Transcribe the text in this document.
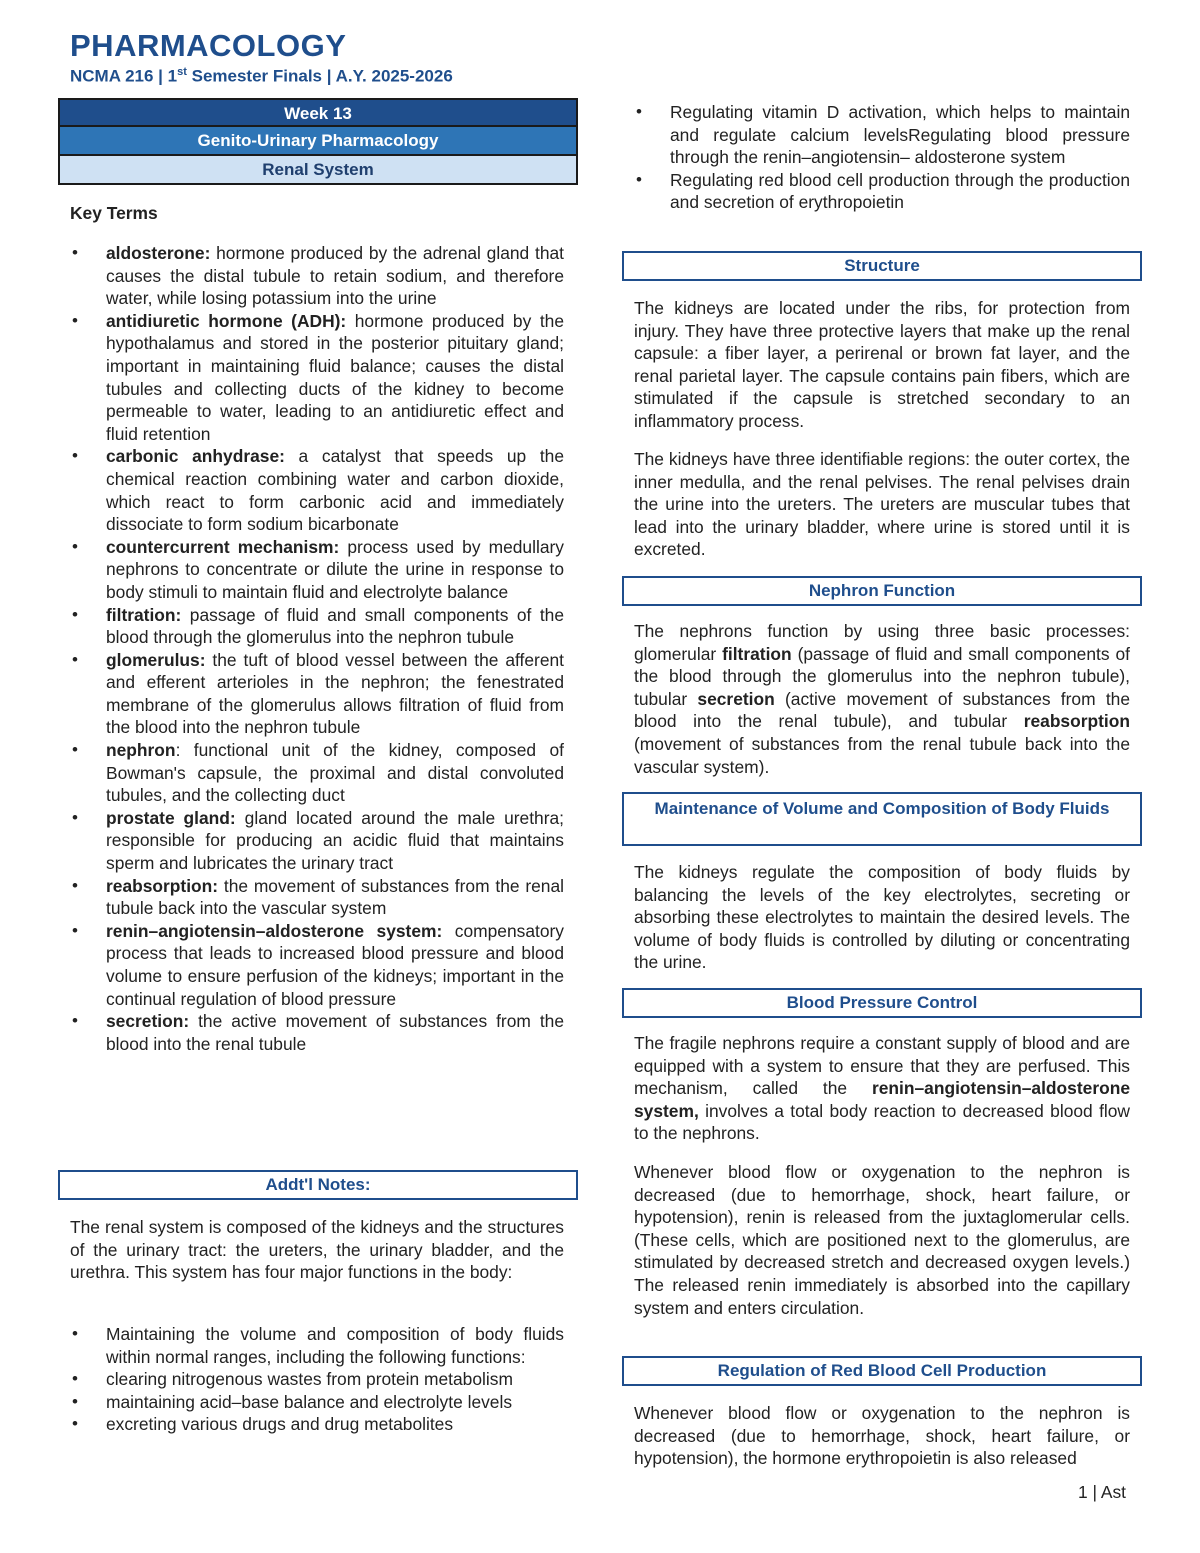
PHARMACOLOGY
NCMA 216 | 1st Semester Finals | A.Y. 2025-2026
Week 13
Genito-Urinary Pharmacology
Renal System
Key Terms
• aldosterone: hormone produced by the adrenal gland that causes the distal tubule to retain sodium, and therefore water, while losing potassium into the urine
• antidiuretic hormone (ADH): hormone produced by the hypothalamus and stored in the posterior pituitary gland; important in maintaining fluid balance; causes the distal tubules and collecting ducts of the kidney to become permeable to water, leading to an antidiuretic effect and fluid retention
• carbonic anhydrase: a catalyst that speeds up the chemical reaction combining water and carbon dioxide, which react to form carbonic acid and immediately dissociate to form sodium bicarbonate
• countercurrent mechanism: process used by medullary nephrons to concentrate or dilute the urine in response to body stimuli to maintain fluid and electrolyte balance
• filtration: passage of fluid and small components of the blood through the glomerulus into the nephron tubule
• glomerulus: the tuft of blood vessel between the afferent and efferent arterioles in the nephron; the fenestrated membrane of the glomerulus allows filtration of fluid from the blood into the nephron tubule
• nephron: functional unit of the kidney, composed of Bowman's capsule, the proximal and distal convoluted tubules, and the collecting duct
• prostate gland: gland located around the male urethra; responsible for producing an acidic fluid that maintains sperm and lubricates the urinary tract
• reabsorption: the movement of substances from the renal tubule back into the vascular system
• renin–angiotensin–aldosterone system: compensatory process that leads to increased blood pressure and blood volume to ensure perfusion of the kidneys; important in the continual regulation of blood pressure
• secretion: the active movement of substances from the blood into the renal tubule
Addt'l Notes:
The renal system is composed of the kidneys and the structures of the urinary tract: the ureters, the urinary bladder, and the urethra. This system has four major functions in the body:
• Maintaining the volume and composition of body fluids within normal ranges, including the following functions:
• clearing nitrogenous wastes from protein metabolism
• maintaining acid–base balance and electrolyte levels
• excreting various drugs and drug metabolites
• Regulating vitamin D activation, which helps to maintain and regulate calcium levelsRegulating blood pressure through the renin–angiotensin– aldosterone system
• Regulating red blood cell production through the production and secretion of erythropoietin
Structure
The kidneys are located under the ribs, for protection from injury. They have three protective layers that make up the renal capsule: a fiber layer, a perirenal or brown fat layer, and the renal parietal layer. The capsule contains pain fibers, which are stimulated if the capsule is stretched secondary to an inflammatory process.
The kidneys have three identifiable regions: the outer cortex, the inner medulla, and the renal pelvises. The renal pelvises drain the urine into the ureters. The ureters are muscular tubes that lead into the urinary bladder, where urine is stored until it is excreted.
Nephron Function
The nephrons function by using three basic processes: glomerular filtration (passage of fluid and small components of the blood through the glomerulus into the nephron tubule), tubular secretion (active movement of substances from the blood into the renal tubule), and tubular reabsorption (movement of substances from the renal tubule back into the vascular system).
Maintenance of Volume and Composition of Body Fluids
The kidneys regulate the composition of body fluids by balancing the levels of the key electrolytes, secreting or absorbing these electrolytes to maintain the desired levels. The volume of body fluids is controlled by diluting or concentrating the urine.
Blood Pressure Control
The fragile nephrons require a constant supply of blood and are equipped with a system to ensure that they are perfused. This mechanism, called the renin–angiotensin–aldosterone system, involves a total body reaction to decreased blood flow to the nephrons.
Whenever blood flow or oxygenation to the nephron is decreased (due to hemorrhage, shock, heart failure, or hypotension), renin is released from the juxtaglomerular cells. (These cells, which are positioned next to the glomerulus, are stimulated by decreased stretch and decreased oxygen levels.) The released renin immediately is absorbed into the capillary system and enters circulation.
Regulation of Red Blood Cell Production
Whenever blood flow or oxygenation to the nephron is decreased (due to hemorrhage, shock, heart failure, or hypotension), the hormone erythropoietin is also released
1 | Ast
